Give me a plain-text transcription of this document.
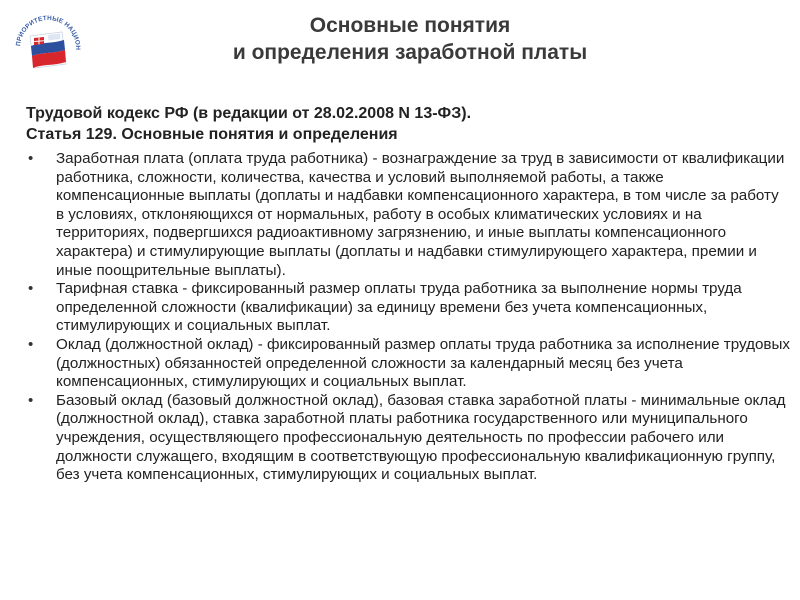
ПРИОРИТЕТНЫЕ НАЦИОН
Основные понятия
и определения заработной платы
Трудовой кодекс РФ (в редакции от 28.02.2008 N 13-ФЗ).
Статья 129. Основные понятия и определения
•	Заработная плата (оплата труда работника) - вознаграждение за труд в зависимости от квалификации работника, сложности, количества, качества и условий выполняемой работы, а также компенсационные выплаты (доплаты и надбавки компенсационного характера, в том числе за работу в условиях, отклоняющихся от нормальных, работу в особых климатических условиях и на территориях, подвергшихся радиоактивному загрязнению, и иные выплаты компенсационного характера) и стимулирующие выплаты (доплаты и надбавки стимулирующего характера, премии и иные поощрительные выплаты).
•	Тарифная ставка - фиксированный размер оплаты труда работника за выполнение нормы труда определенной сложности (квалификации) за единицу времени без учета компенсационных, стимулирующих и социальных выплат.
•	Оклад (должностной оклад) - фиксированный размер оплаты труда работника за исполнение трудовых (должностных) обязанностей определенной сложности за календарный месяц без учета компенсационных, стимулирующих и социальных выплат.
•	Базовый оклад (базовый должностной оклад), базовая ставка заработной платы - минимальные оклад (должностной оклад), ставка заработной платы работника государственного или муниципального учреждения, осуществляющего профессиональную деятельность по профессии рабочего или должности служащего, входящим в соответствующую профессиональную квалификационную группу, без учета компенсационных, стимулирующих и социальных выплат.
